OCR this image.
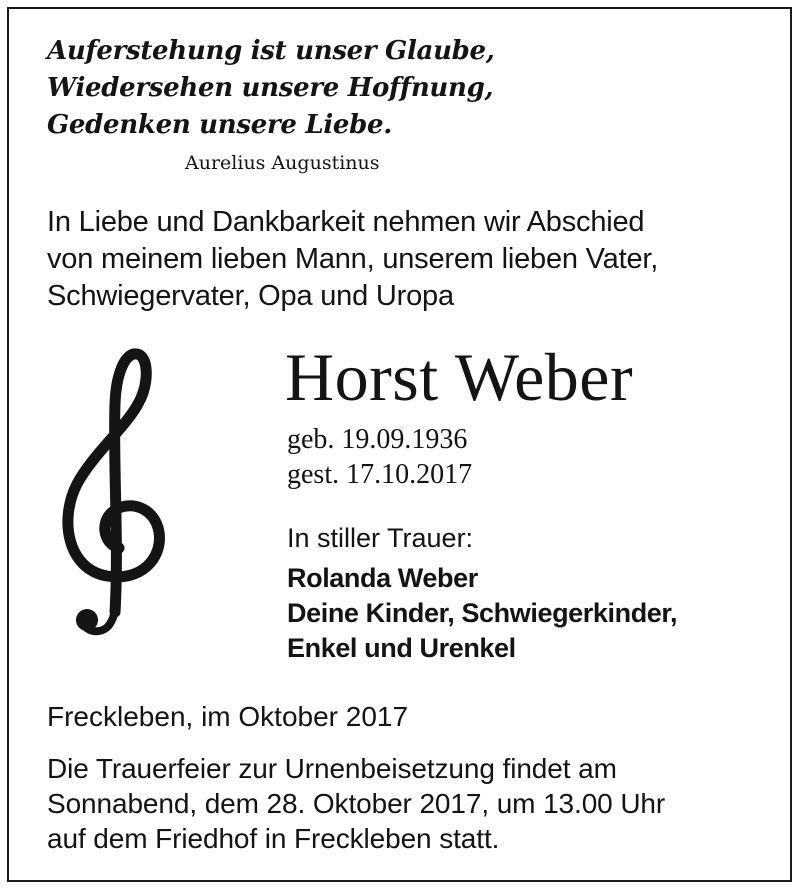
Auferstehung ist unser Glaube,
Wiedersehen unsere Hoffnung,
Gedenken unsere Liebe.

Aurelius Augustinus

In Liebe und Dankbarkeit nehmen wir Abschied
von meinem lieben Mann, unserem lieben Vater,
Schwiegervater, Opa und Uropa

Horst Weber

geb. 19.09.1936
gest. 17.10.2017

In stiller Trauer:

Rolanda Weber
Deine Kinder, Schwiegerkinder,
Enkel und Urenkel

Freckleben, im Oktober 2017

Die Trauerfeier zur Urnenbeisetzung findet am
Sonnabend, dem 28. Oktober 2017, um 13.00 Uhr
auf dem Friedhof in Freckleben statt.
